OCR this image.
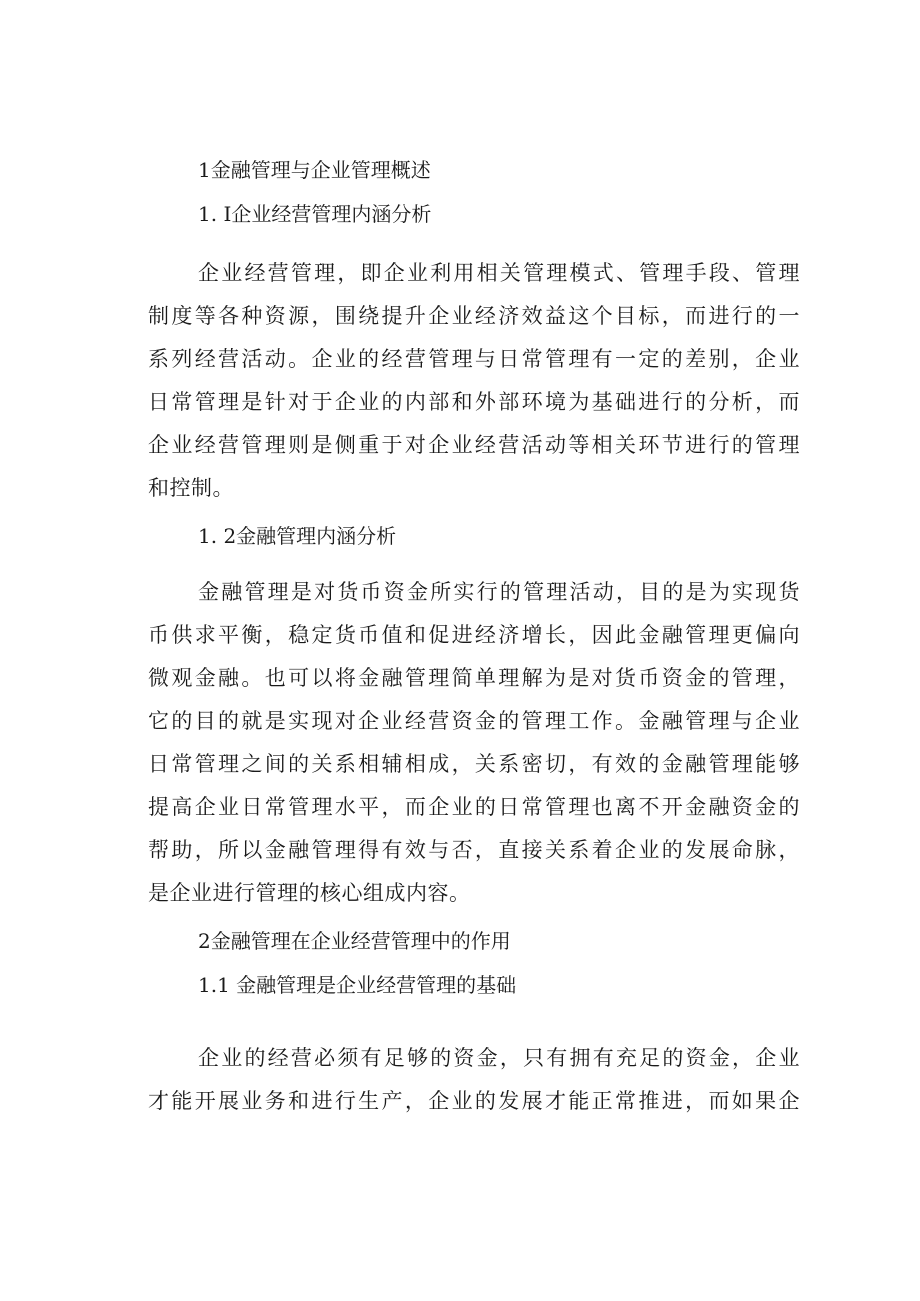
1金融管理与企业管理概述

1. I企业经营管理内涵分析

企业经营管理，即企业利用相关管理模式、管理手段、管理

制度等各种资源，围绕提升企业经济效益这个目标，而进行的一

系列经营活动。企业的经营管理与日常管理有一定的差别，企业

日常管理是针对于企业的内部和外部环境为基础进行的分析，而

企业经营管理则是侧重于对企业经营活动等相关环节进行的管理

和控制。

1. 2金融管理内涵分析

金融管理是对货币资金所实行的管理活动，目的是为实现货

币供求平衡，稳定货币值和促进经济增长，因此金融管理更偏向

微观金融。也可以将金融管理简单理解为是对货币资金的管理，

它的目的就是实现对企业经营资金的管理工作。金融管理与企业

日常管理之间的关系相辅相成，关系密切，有效的金融管理能够

提高企业日常管理水平，而企业的日常管理也离不开金融资金的

帮助，所以金融管理得有效与否，直接关系着企业的发展命脉，

是企业进行管理的核心组成内容。

2金融管理在企业经营管理中的作用

1.1 金融管理是企业经营管理的基础

企业的经营必须有足够的资金，只有拥有充足的资金，企业

才能开展业务和进行生产，企业的发展才能正常推进，而如果企
